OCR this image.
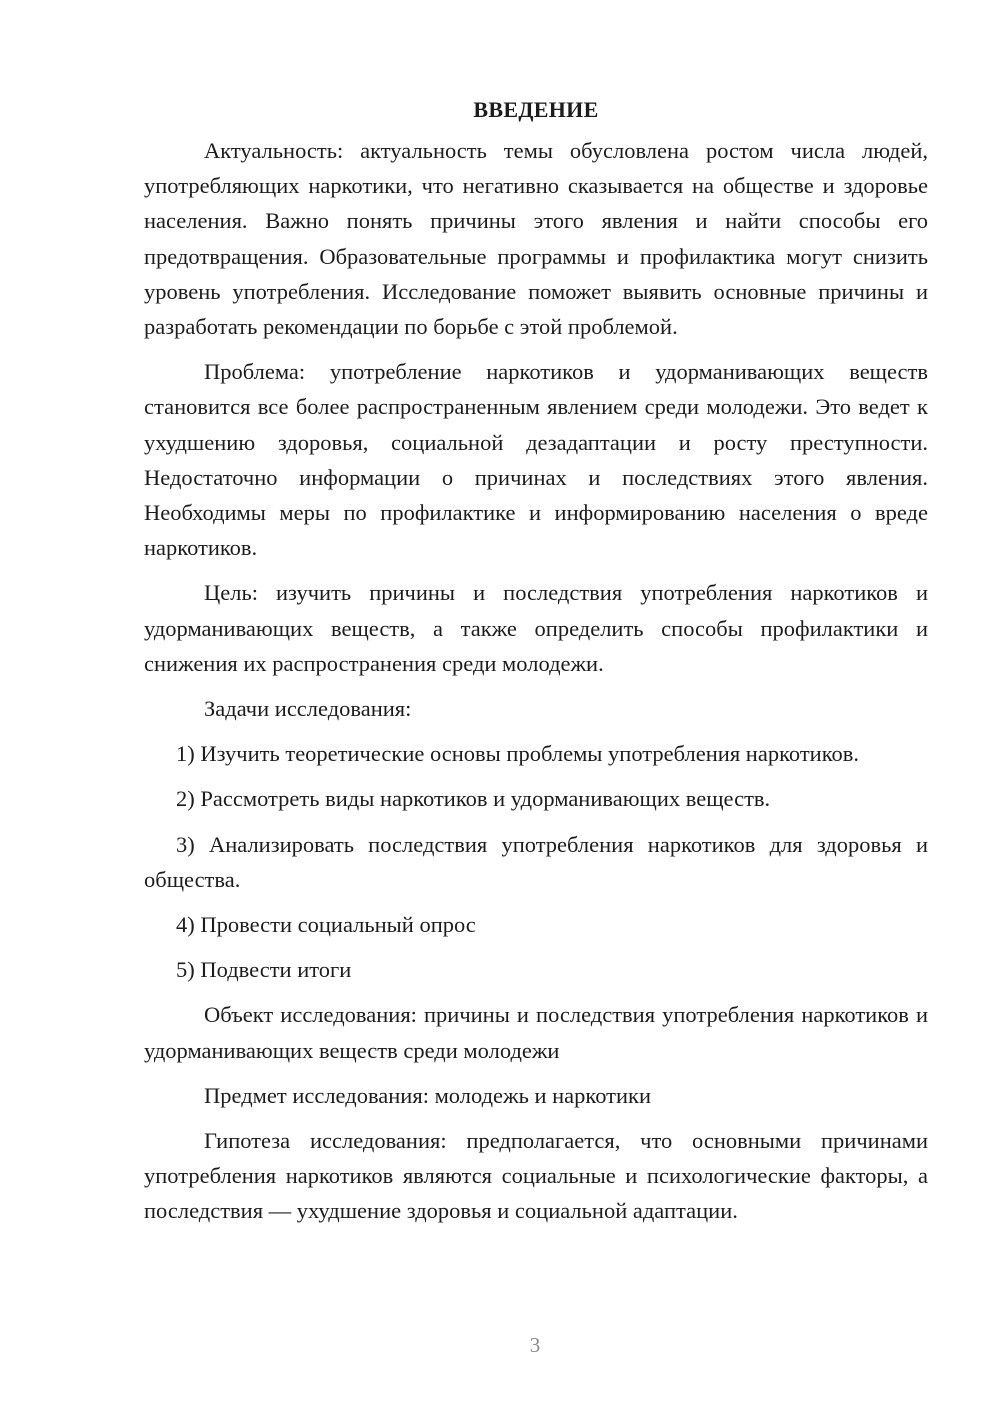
ВВЕДЕНИЕ

Актуальность: актуальность темы обусловлена ростом числа людей, употребляющих наркотики, что негативно сказывается на обществе и здоровье населения. Важно понять причины этого явления и найти способы его предотвращения. Образовательные программы и профилактика могут снизить уровень употребления. Исследование поможет выявить основные причины и разработать рекомендации по борьбе с этой проблемой.

Проблема: употребление наркотиков и удорманивающих веществ становится все более распространенным явлением среди молодежи. Это ведет к ухудшению здоровья, социальной дезадаптации и росту преступности. Недостаточно информации о причинах и последствиях этого явления. Необходимы меры по профилактике и информированию населения о вреде наркотиков.

Цель: изучить причины и последствия употребления наркотиков и удорманивающих веществ, а также определить способы профилактики и снижения их распространения среди молодежи.

Задачи исследования:

1) Изучить теоретические основы проблемы употребления наркотиков.

2) Рассмотреть виды наркотиков и удорманивающих веществ.

3) Анализировать последствия употребления наркотиков для здоровья и общества.

4) Провести социальный опрос

5) Подвести итоги

Объект исследования: причины и последствия употребления наркотиков и удорманивающих веществ среди молодежи

Предмет исследования: молодежь и наркотики

Гипотеза исследования: предполагается, что основными причинами употребления наркотиков являются социальные и психологические факторы, а последствия — ухудшение здоровья и социальной адаптации.

3
